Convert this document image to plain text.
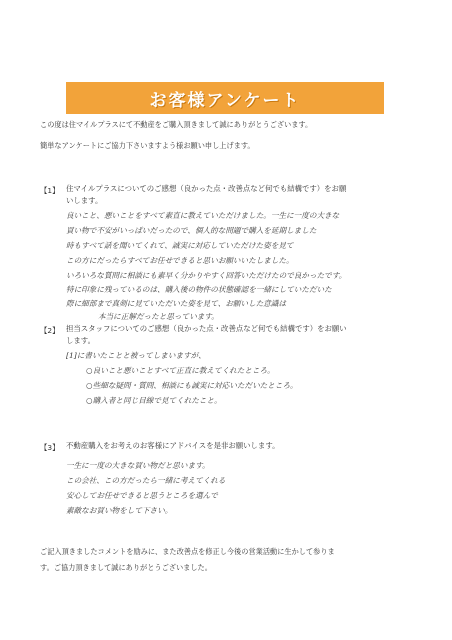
お客様アンケート
この度は住マイルプラスにて不動産をご購入頂きまして誠にありがとうございます。
簡単なアンケートにご協力下さいますよう様お願い申し上げます。
【1】 住マイルプラスについてのご感想（良かった点・改善点など何でも結構です）をお願
いします。
良いこと、悪いことをすべて素直に教えていただけました。一生に一度の大きな
買い物で不安がいっぱいだったので、個人的な問題で購入を延期しました
時もすべて話を聞いてくれて、誠実に対応していただけた姿を見て
この方にだったらすべてお任せできると思いお願いいたしました。
いろいろな質問に相談にも素早く分かりやすく回答いただけたので良かったです。
特に印象に残っているのは、購入後の物件の状態確認を一緒にしていただいた
際に細部まで真剣に見ていただいた姿を見て、お願いした意識は
本当に正解だったと思っています。
【2】 担当スタッフについてのご感想（良かった点・改善点など何でも結構です）をお願い
します。
[1]に書いたことと被ってしまいますが、
○良いこと悪いことすべて正直に教えてくれたところ。
○些細な疑問・質問、相談にも誠実に対応いただいたところ。
○購入者と同じ目線で見てくれたこと。
【3】 不動産購入をお考えのお客様にアドバイスを是非お願いします。
一生に一度の大きな買い物だと思います。
この会社、この方だったら一緒に考えてくれる
安心してお任せできると思うところを選んで
素敵なお買い物をして下さい。
ご記入頂きましたコメントを励みに、また改善点を修正し今後の営業活動に生かして参りま
す。ご協力頂きまして誠にありがとうございました。
